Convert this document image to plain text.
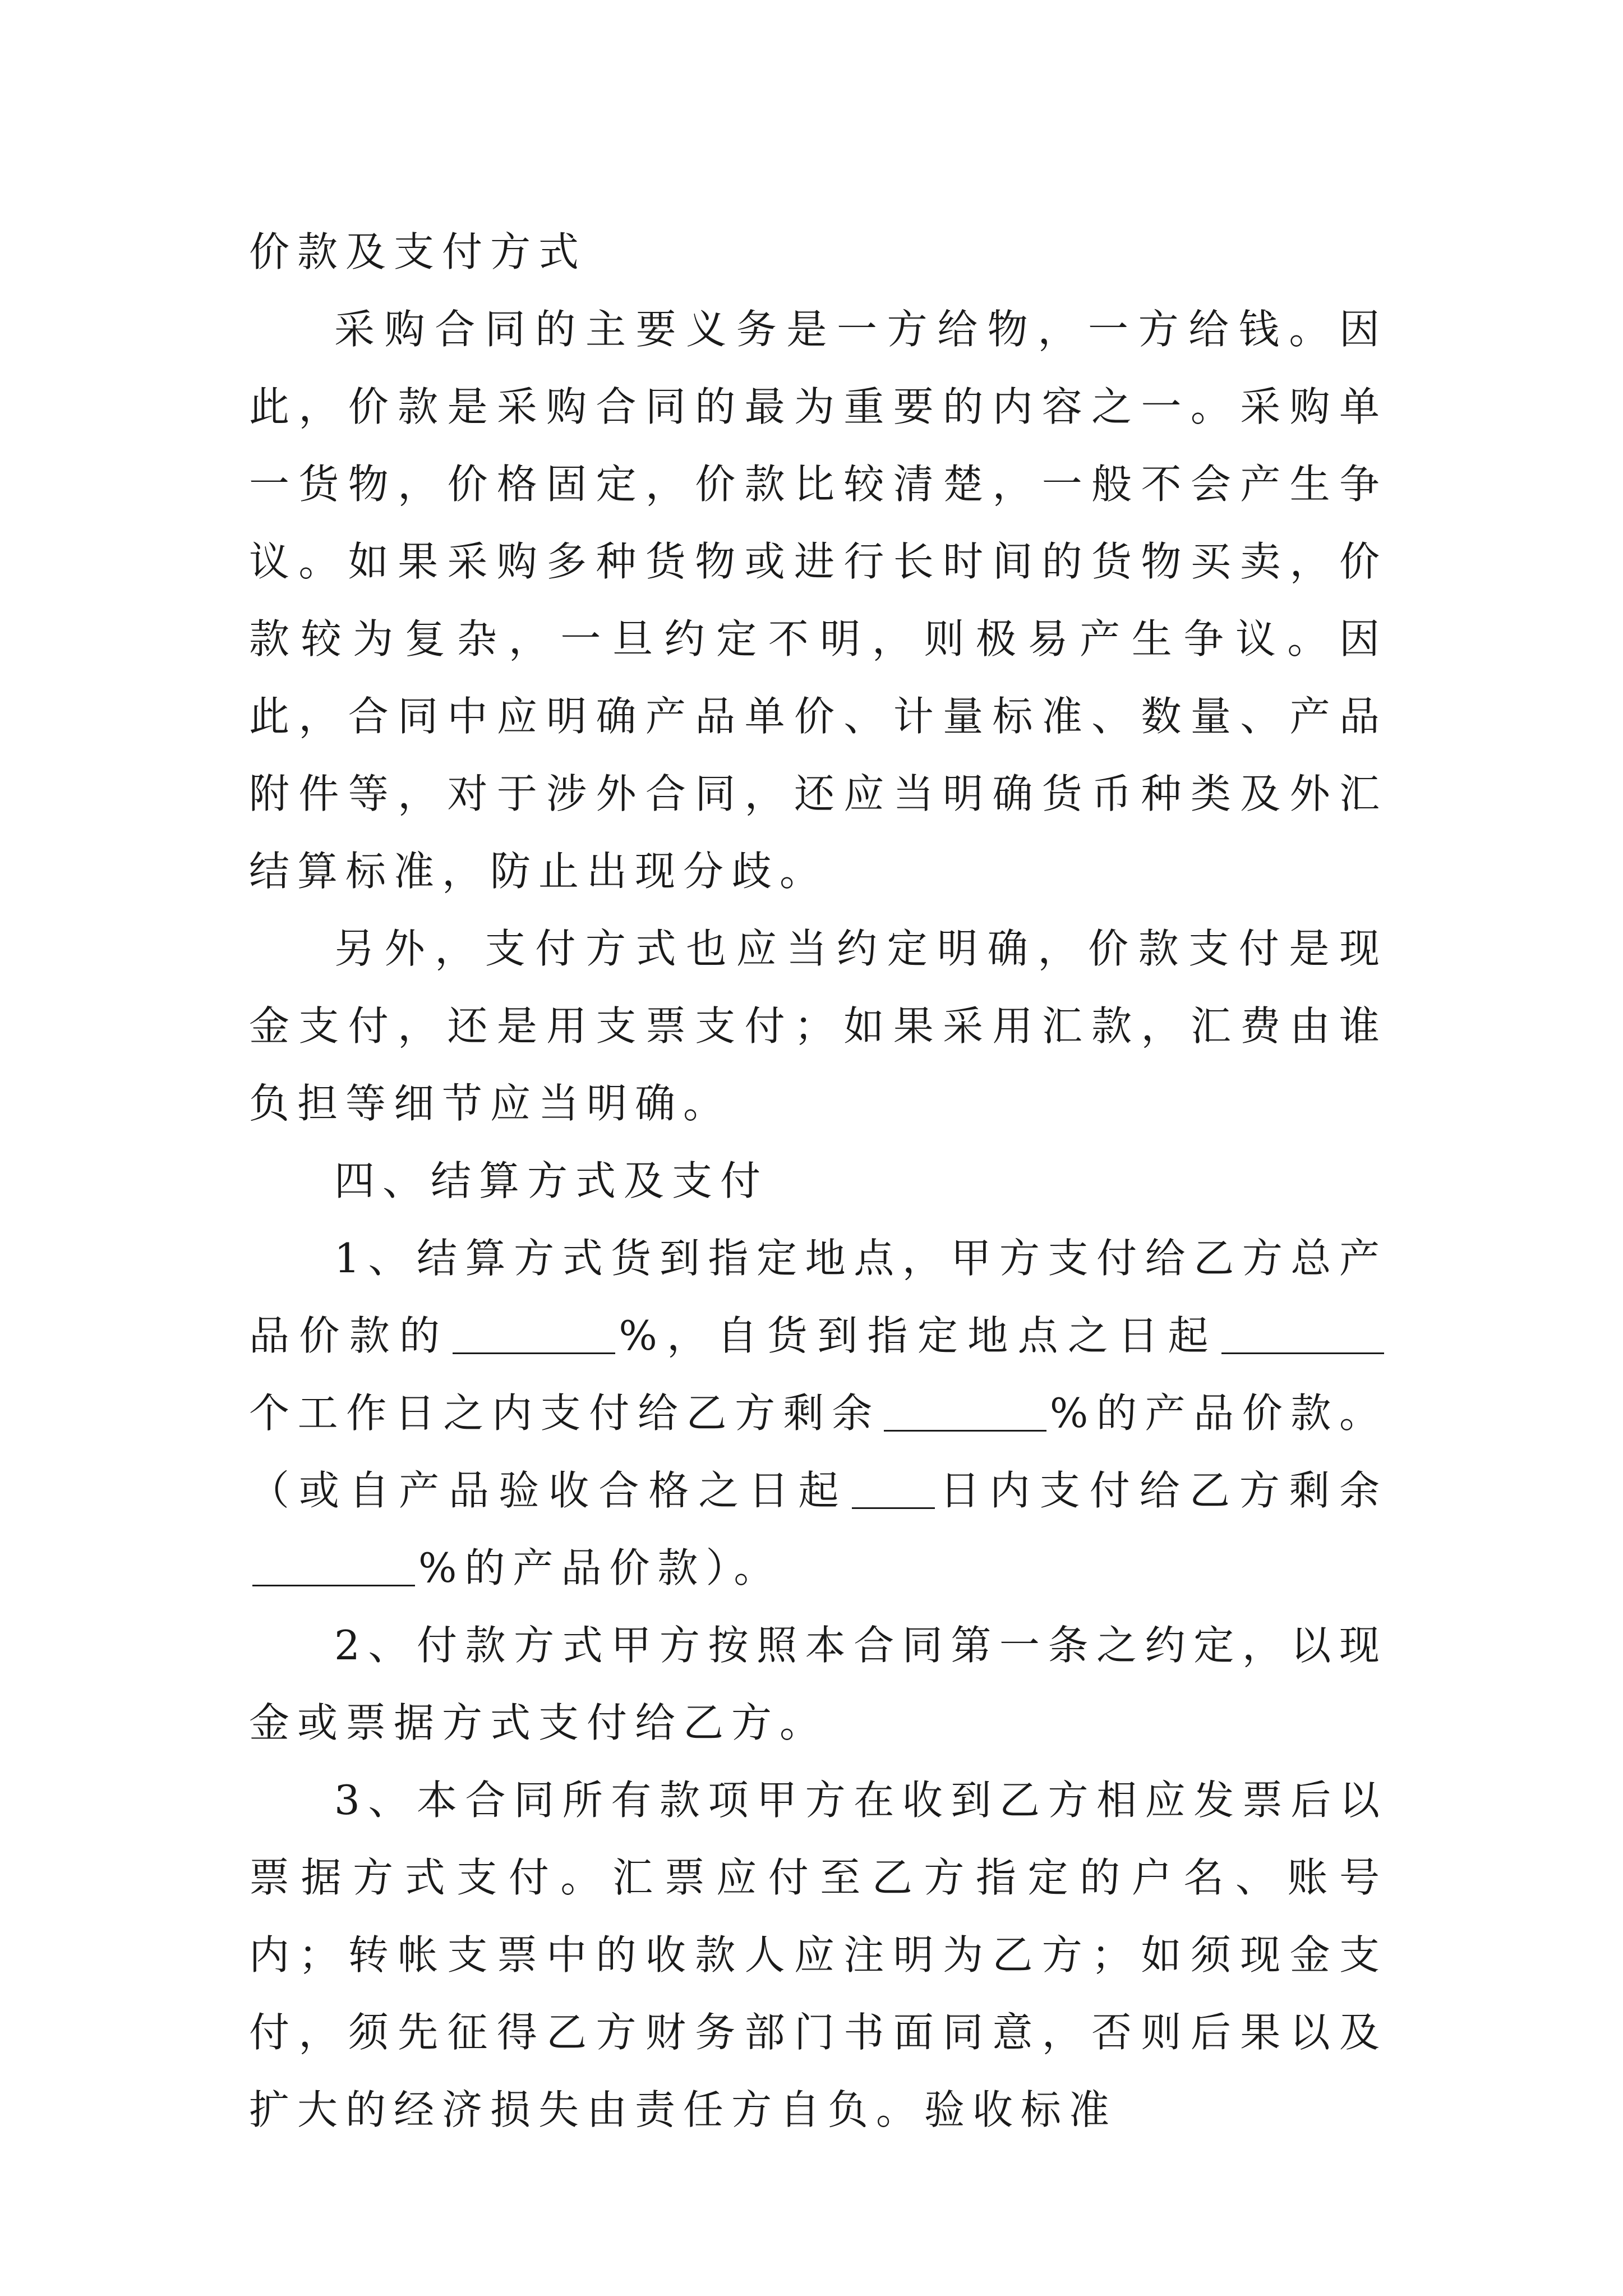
价款及支付方式

采购合同的主要义务是一方给物，一方给钱。因此，价款是采购合同的最为重要的内容之一。采购单一货物，价格固定，价款比较清楚，一般不会产生争议。如果采购多种货物或进行长时间的货物买卖，价款较为复杂，一旦约定不明，则极易产生争议。因此，合同中应明确产品单价、计量标准、数量、产品附件等，对于涉外合同，还应当明确货币种类及外汇结算标准，防止出现分歧。

另外，支付方式也应当约定明确，价款支付是现金支付，还是用支票支付；如果采用汇款，汇费由谁负担等细节应当明确。

四、结算方式及支付

1、结算方式货到指定地点，甲方支付给乙方总产品价款的	%，自货到指定地点之日起个工作日之内支付给乙方剩余	%的产品价款。（或自产品验收合格之日起 日内支付给乙方剩余%的产品价款）。

2、付款方式甲方按照本合同第一条之约定，以现金或票据方式支付给乙方。

3、本合同所有款项甲方在收到乙方相应发票后以票据方式支付。汇票应付至乙方指定的户名、账号内；转帐支票中的收款人应注明为乙方；如须现金支付，须先征得乙方财务部门书面同意，否则后果以及扩大的经济损失由责任方自负。验收标准
